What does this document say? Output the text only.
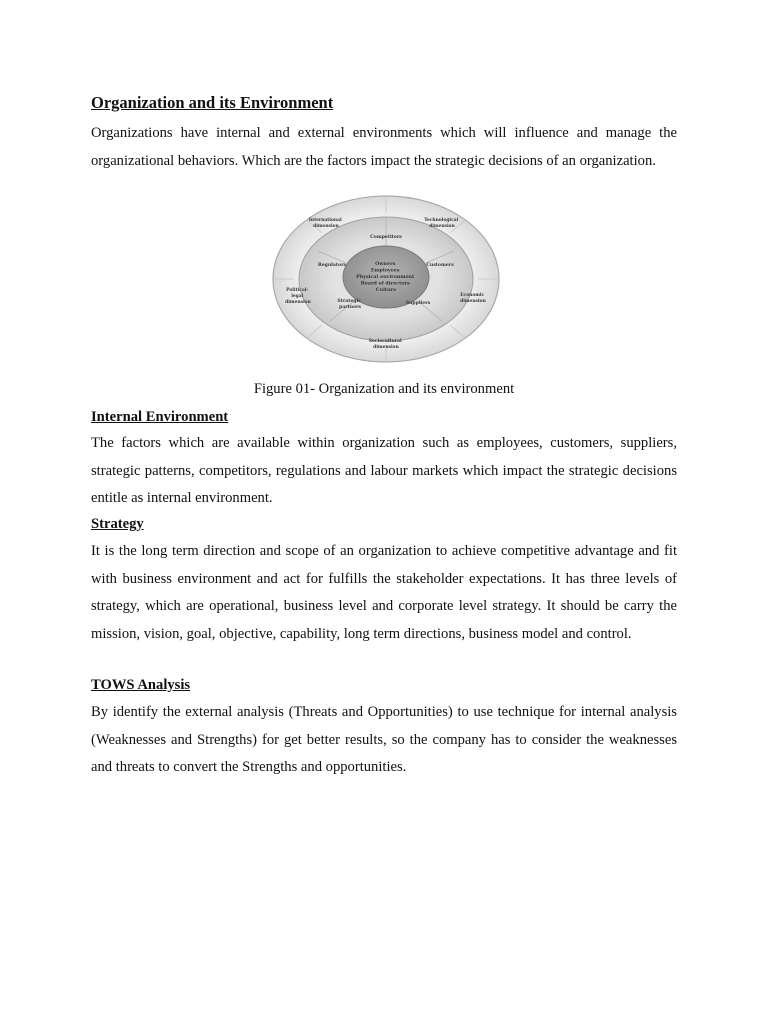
Organization and its Environment

Organizations have internal and external environments which will influence and manage the organizational behaviors. Which are the factors impact the strategic decisions of an organization.

Owners Employees Physical environment Board of directors Culture
Competitors
Regulators	Customers
Strategic partners
Suppliers
International dimension
Technological dimension
Political- legal dimension
Economic dimension
Sociocultural dimension

Figure 01- Organization and its environment

Internal Environment

The factors which are available within organization such as employees, customers, suppliers, strategic patterns, competitors, regulations and labour markets which impact the strategic decisions entitle as internal environment.

Strategy

It is the long term direction and scope of an organization to achieve competitive advantage and fit with business environment and act for fulfills the stakeholder expectations. It has three levels of strategy, which are operational, business level and corporate level strategy. It should be carry the mission, vision, goal, objective, capability, long term directions, business model and control.

TOWS Analysis

By identify the external analysis (Threats and Opportunities) to use technique for internal analysis (Weaknesses and Strengths) for get better results, so the company has to consider the weaknesses and threats to convert the Strengths and opportunities.
